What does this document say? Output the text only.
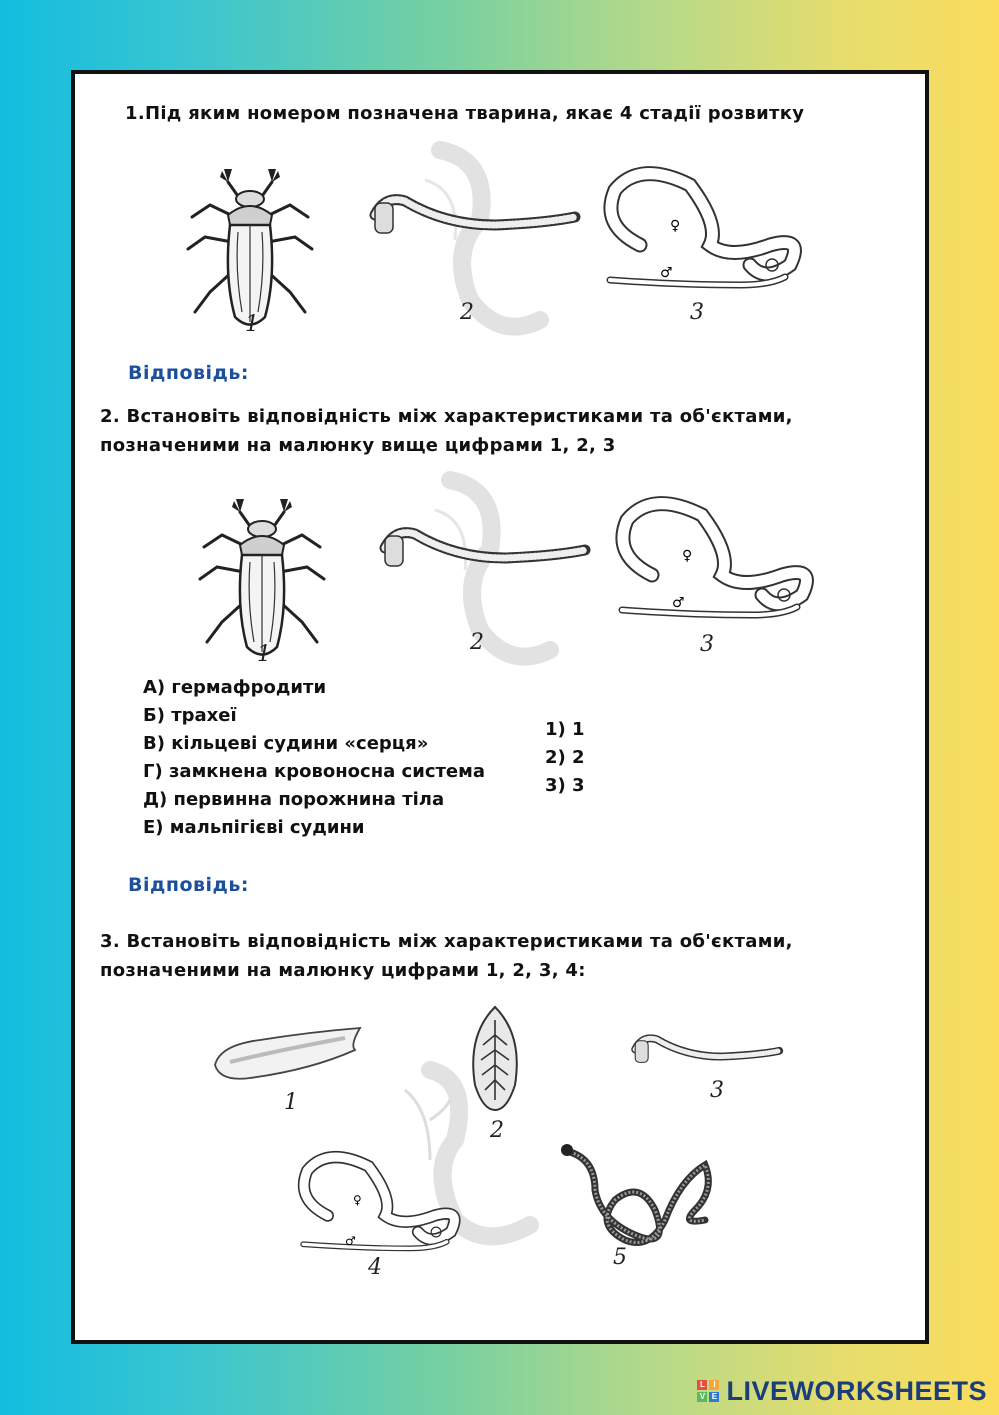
1.Під яким номером позначена тварина, якає 4 стадії розвитку
♀
♂
1	2	3
Відповідь:
2. Встановіть відповідність між характеристиками та об'єктами,
позначеними на малюнку вище цифрами 1, 2, 3
♀
♂
1	2	3
А) гермафродити
Б) трахеї
В) кільцеві судини «серця»
Г) замкнена кровоносна система
Д) первинна порожнина тіла
Е) мальпігієві судини
1) 1
2) 2
3) 3
Відповідь:
3. Встановіть відповідність між характеристиками та об'єктами,
позначеними на малюнку цифрами 1, 2, 3, 4:
1
2
3
♀
♂
4	5
L	I
V E LIVEWORKSHEETS
